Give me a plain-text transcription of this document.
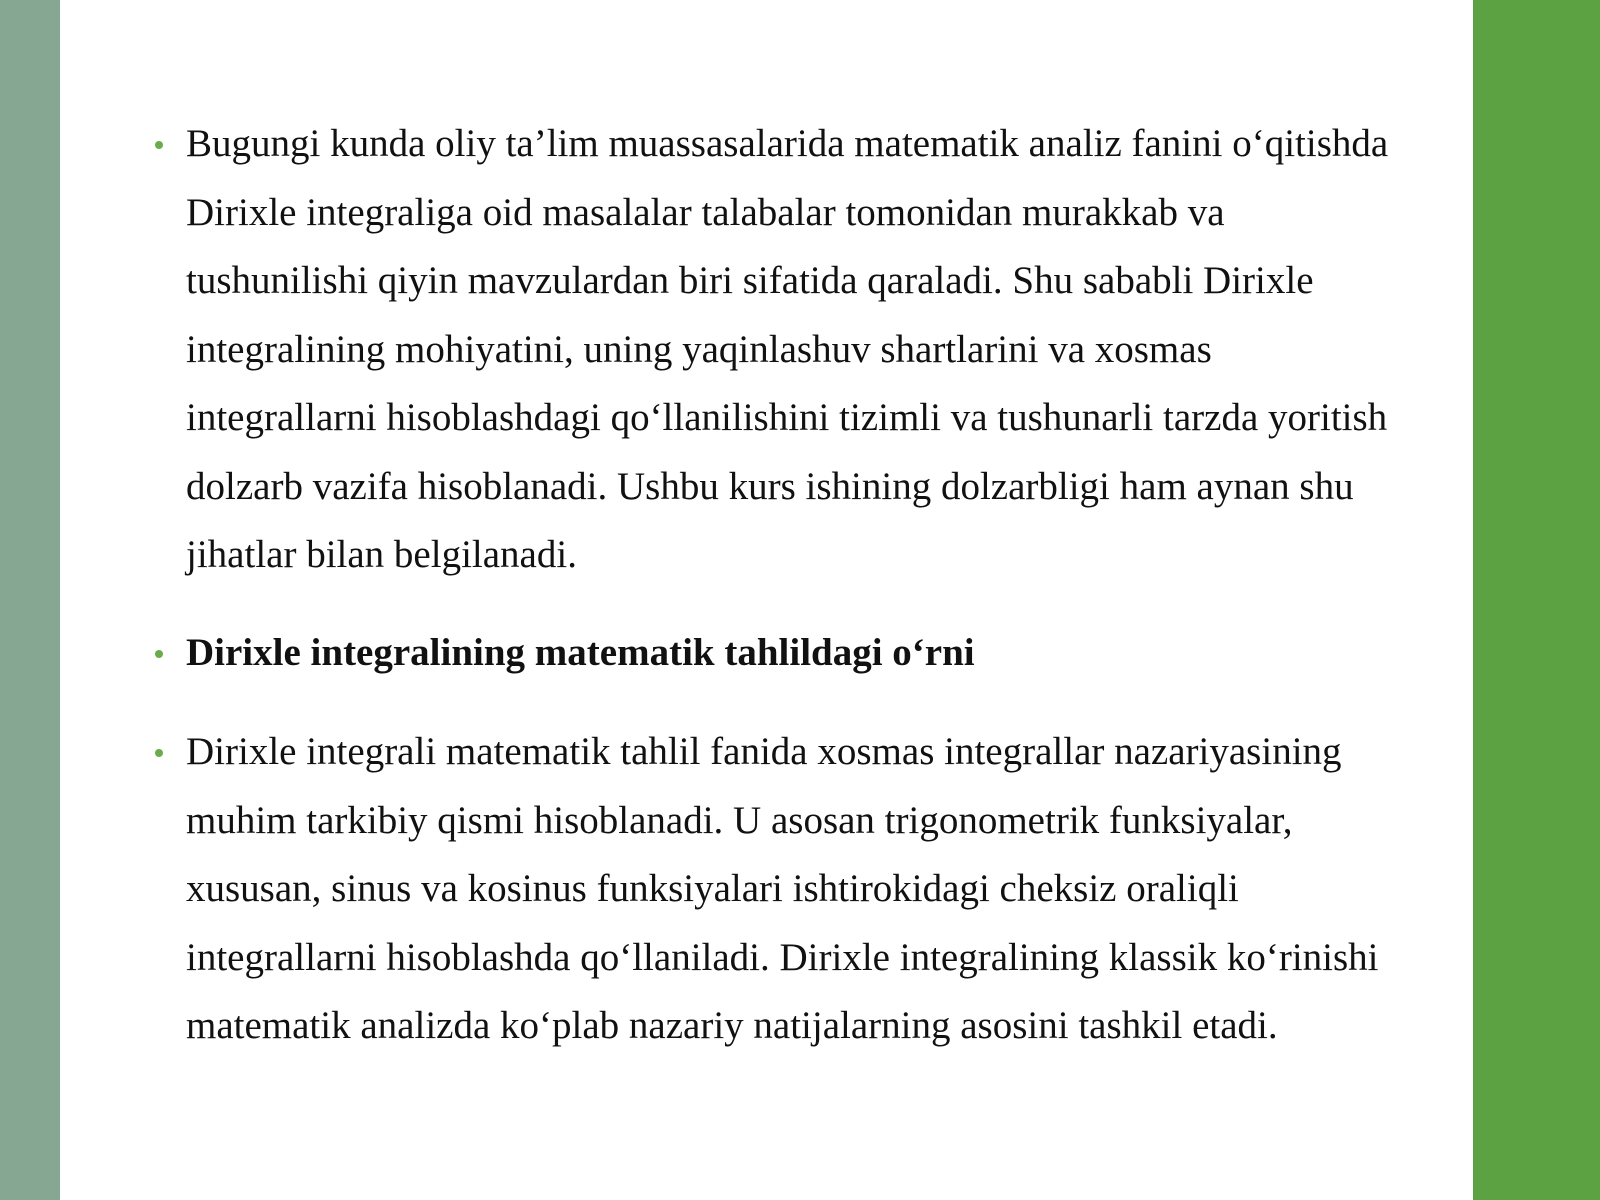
Bugungi kunda oliy ta’lim muassasalarida matematik analiz fanini o‘qitishda Dirixle integraliga oid masalalar talabalar tomonidan murakkab va tushunilishi qiyin mavzulardan biri sifatida qaraladi. Shu sababli Dirixle integralining mohiyatini, uning yaqinlashuv shartlarini va xosmas integrallarni hisoblashdagi qo‘llanilishini tizimli va tushunarli tarzda yoritish dolzarb vazifa hisoblanadi. Ushbu kurs ishining dolzarbligi ham aynan shu jihatlar bilan belgilanadi.
Dirixle integralining matematik tahlildagi o‘rni
Dirixle integrali matematik tahlil fanida xosmas integrallar nazariyasining muhim tarkibiy qismi hisoblanadi. U asosan trigonometrik funksiyalar, xususan, sinus va kosinus funksiyalari ishtirokidagi cheksiz oraliqli integrallarni hisoblashda qo‘llaniladi. Dirixle integralining klassik ko‘rinishi matematik analizda ko‘plab nazariy natijalarning asosini tashkil etadi.
